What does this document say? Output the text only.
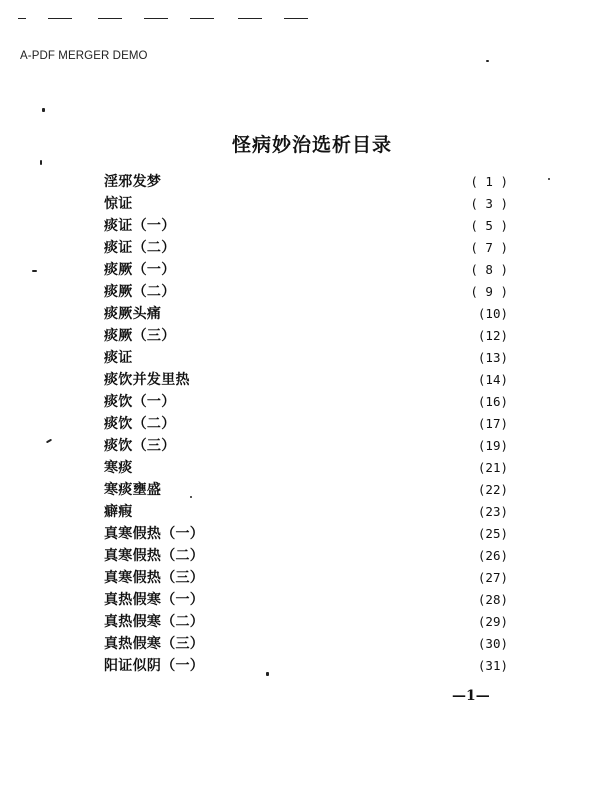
A-PDF MERGER DEMO
怪病妙治选析目录
淫邪发梦	( 1 )
惊证	( 3 )
痰证（一）	( 5 )
痰证（二）	( 7 )
痰厥（一）	( 8 )
痰厥（二）	( 9 )
痰厥头痛	(10)
痰厥（三）	(12)
痰证	(13)
痰饮并发里热	(14)
痰饮（一）	(16)
痰饮（二）	(17)
痰饮（三）	(19)
寒痰	(21)
寒痰壅盛	(22)
癖瘕	(23)
真寒假热（一）	(25)
真寒假热（二）	(26)
真寒假热（三）	(27)
真热假寒（一）	(28)
真热假寒（二）	(29)
真热假寒（三）	(30)
阳证似阴（一）	(31)
—1—
